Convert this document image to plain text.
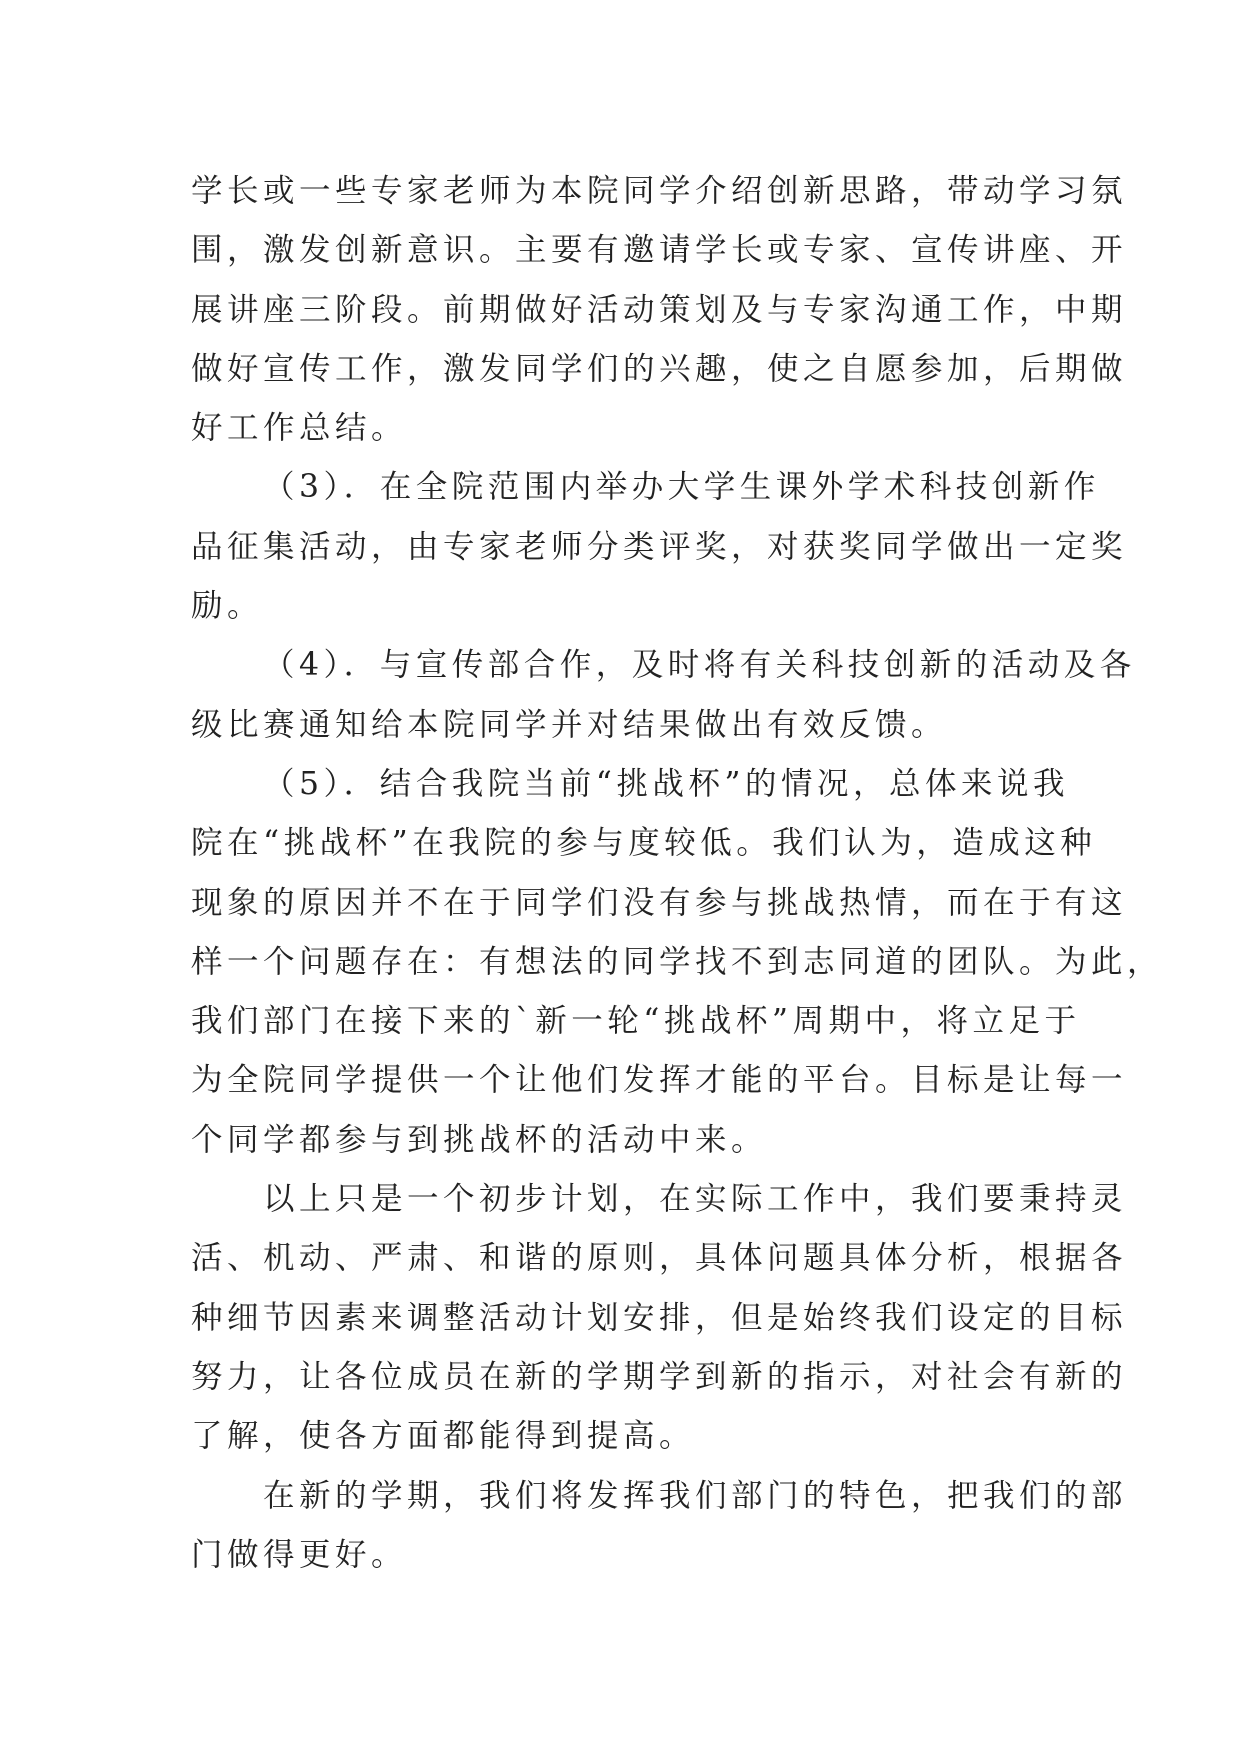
学长或一些专家老师为本院同学介绍创新思路，带动学习氛
围，激发创新意识。主要有邀请学长或专家、宣传讲座、开
展讲座三阶段。前期做好活动策划及与专家沟通工作，中期
做好宣传工作，激发同学们的兴趣，使之自愿参加，后期做
好工作总结。

（3）．在全院范围内举办大学生课外学术科技创新作
品征集活动，由专家老师分类评奖，对获奖同学做出一定奖
励。

（4）．与宣传部合作，及时将有关科技创新的活动及各
级比赛通知给本院同学并对结果做出有效反馈。

（5）．结合我院当前“挑战杯”的情况，总体来说我
院在“挑战杯”在我院的参与度较低。我们认为，造成这种
现象的原因并不在于同学们没有参与挑战热情，而在于有这
样一个问题存在：有想法的同学找不到志同道的团队。为此，
我们部门在接下来的`新一轮“挑战杯”周期中，将立足于
为全院同学提供一个让他们发挥才能的平台。目标是让每一
个同学都参与到挑战杯的活动中来。

以上只是一个初步计划，在实际工作中，我们要秉持灵
活、机动、严肃、和谐的原则，具体问题具体分析，根据各
种细节因素来调整活动计划安排，但是始终我们设定的目标
努力，让各位成员在新的学期学到新的指示，对社会有新的
了解，使各方面都能得到提高。

在新的学期，我们将发挥我们部门的特色，把我们的部
门做得更好。
